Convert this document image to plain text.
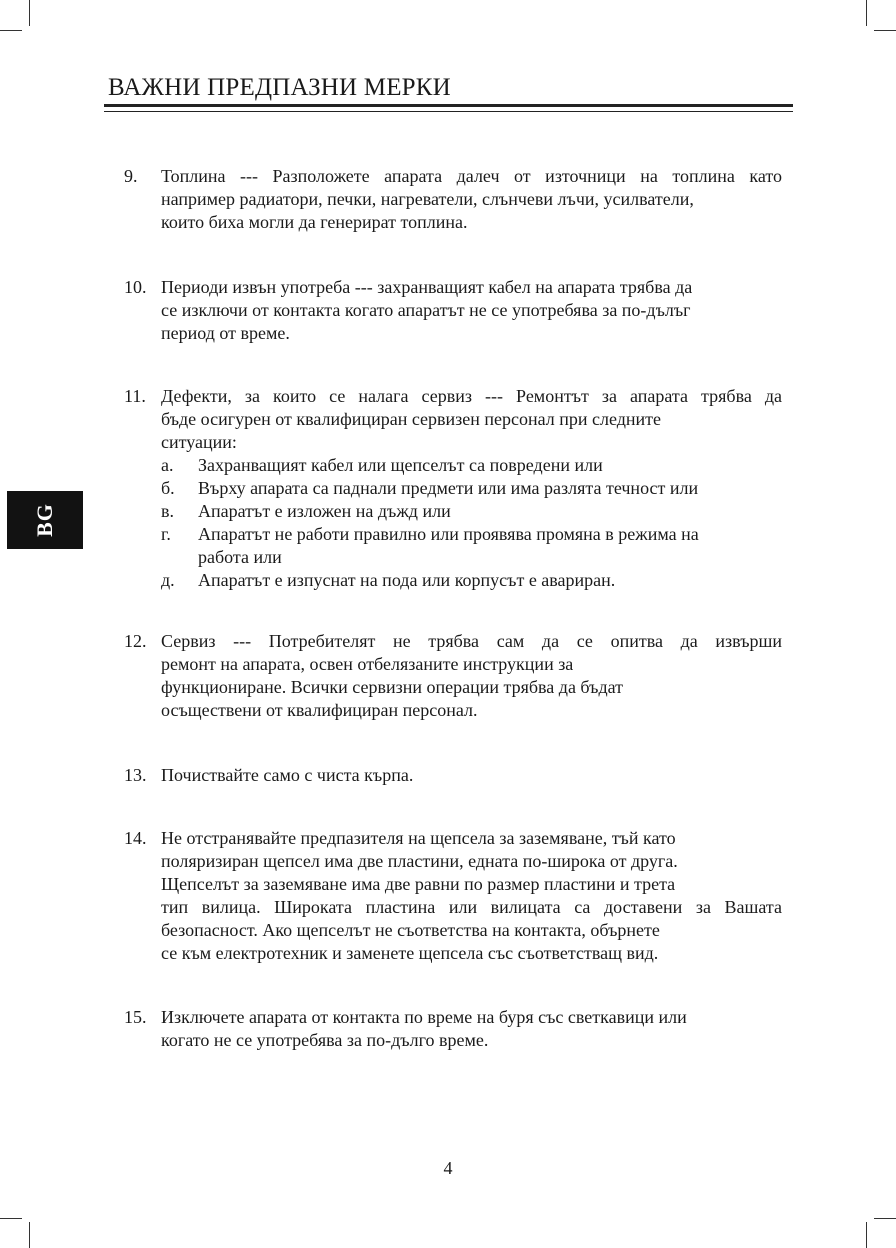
ВАЖНИ ПРЕДПАЗНИ МЕРКИ
BG
9. Топлина --- Разположете апарата далеч от източници на топлина като
например радиатори, печки, нагреватели, слънчеви лъчи, усилватели,
които биха могли да генерират топлина.
10. Периоди извън употреба --- захранващият кабел на апарата трябва да
се изключи от контакта когато апаратът не се употребява за по-дълъг
период от време.
11. Дефекти, за които се налага сервиз --- Ремонтът за апарата трябва да
бъде осигурен от квалифициран сервизен персонал при следните
ситуации:
a. Захранващият кабел или щепселът са повредени или
б. Върху апарата са паднали предмети или има разлята течност или
в. Апаратът е изложен на дъжд или
г. Апаратът не работи правилно или проявява промяна в режима на
работа или
д. Апаратът е изпуснат на пода или корпусът е авариран.
12. Сервиз --- Потребителят не трябва сам да се опитва да извърши
ремонт на апарата, освен отбелязаните инструкции за
функциониране. Всички сервизни операции трябва да бъдат
осъществени от квалифициран персонал.
13. Почиствайте само с чиста кърпа.
14. Не отстранявайте предпазителя на щепсела за заземяване, тъй като
поляризиран щепсел има две пластини, едната по-широка от друга.
Щепселът за заземяване има две равни по размер пластини и трета
тип вилица. Широката пластина или вилицата са доставени за Вашата
безопасност. Ако щепселът не съответства на контакта, обърнете
се към електротехник и заменете щепсела със съответстващ вид.
15. Изключете апарата от контакта по време на буря със светкавици или
когато не се употребява за по-дълго време.
4
